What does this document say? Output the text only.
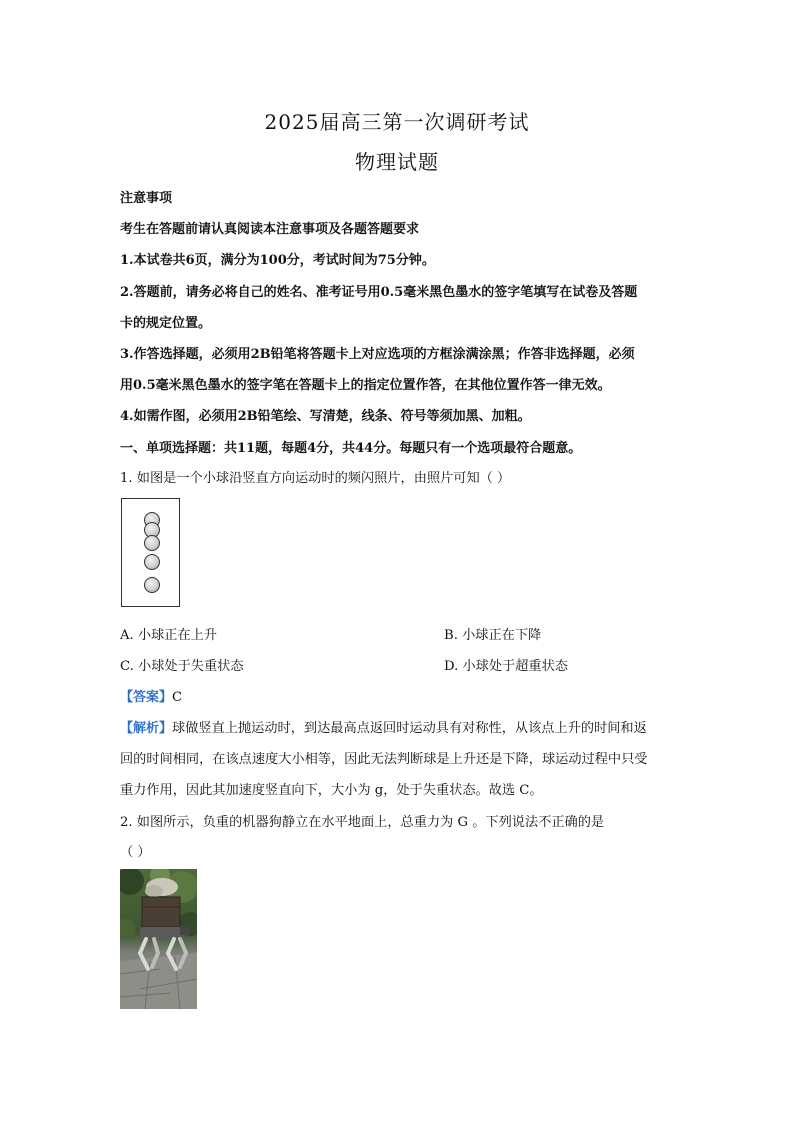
2025届高三第一次调研考试
物理试题
注意事项
考生在答题前请认真阅读本注意事项及各题答题要求
1.本试卷共6页，满分为100分，考试时间为75分钟。
2.答题前，请务必将自己的姓名、准考证号用0.5毫米黑色墨水的签字笔填写在试卷及答题
卡的规定位置。
3.作答选择题，必须用2B铅笔将答题卡上对应选项的方框涂满涂黑；作答非选择题，必须
用0.5毫米黑色墨水的签字笔在答题卡上的指定位置作答，在其他位置作答一律无效。
4.如需作图，必须用2B铅笔绘、写清楚，线条、符号等须加黑、加粗。
一、单项选择题：共11题，每题4分，共44分。每题只有一个选项最符合题意。
1. 如图是一个小球沿竖直方向运动时的频闪照片，由照片可知（ ）
A. 小球正在上升	B. 小球正在下降
C. 小球处于失重状态	D. 小球处于超重状态
【答案】C
【解析】球做竖直上抛运动时，到达最高点返回时运动具有对称性，从该点上升的时间和返
回的时间相同，在该点速度大小相等，因此无法判断球是上升还是下降，球运动过程中只受
重力作用，因此其加速度竖直向下，大小为 g，处于失重状态。故选 C。
2. 如图所示，负重的机器狗静立在水平地面上，总重力为 G 。下列说法不正确的是
（ ）
